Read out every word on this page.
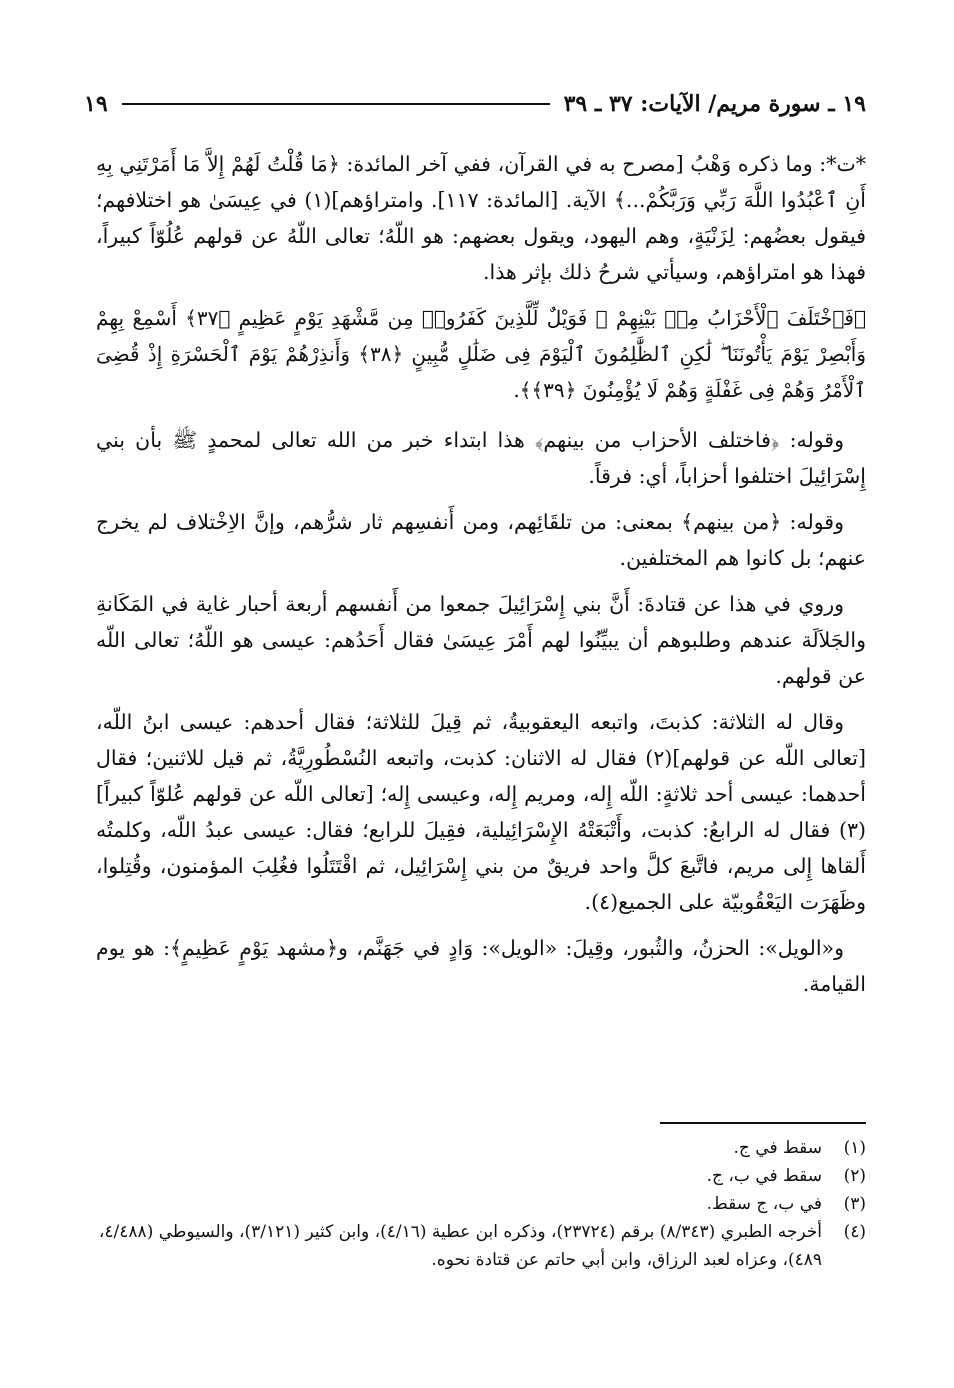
١٩ ـ سورة مريم/ الآيات: ٣٧ ـ ٣٩
١٩

*ت*: وما ذكره وَهْبُ [مصرح به في القرآن، ففي آخر المائدة: ﴿مَا قُلْتُ لَهُمْ إِلاَّ مَا أَمَرْتَنِي بِهِ أَنِ ٱعْبُدُوا اللَّهَ رَبِّي وَرَبَّكُمْ...﴾ الآية. [المائدة: ١١٧]. وامتراؤهم](١) في عِيسَىٰ هو اختلافهم؛ فيقول بعضُهم: لِزَنْيَةٍ، وهم اليهود، ويقول بعضهم: هو اللّهُ؛ تعالى اللّهُ عن قولهم عُلُوّاً كبيراً، فهذا هو امتراؤهم، وسيأتي شرحُ ذلك بإثر هذا.

﴿فَٱخْتَلَفَ ٱلْأَحْزَابُ مِنۢ بَيْنِهِمْ ۖ فَوَيْلٌ لِّلَّذِينَ كَفَرُوا۟ مِن مَّشْهَدِ يَوْمٍ عَظِيمٍ ﴿٣٧﴾ أَسْمِعْ بِهِمْ وَأَبْصِرْ يَوْمَ يَأْتُونَنَا ۖ لَٰكِنِ ٱلظَّٰلِمُونَ ٱلْيَوْمَ فِى ضَلَٰلٍ مُّبِينٍ ﴿٣٨﴾ وَأَنذِرْهُمْ يَوْمَ ٱلْحَسْرَةِ إِذْ قُضِىَ ٱلْأَمْرُ وَهُمْ فِى غَفْلَةٍ وَهُمْ لَا يُؤْمِنُونَ ﴿٣٩﴾﴾.

وقوله: ﴿فاختلف الأحزاب من بينهم﴾ هذا ابتداء خبر من الله تعالى لمحمدٍ ﷺ بأن بني إِسْرَائِيلَ اختلفوا أحزاباً، أي: فرقاً.

وقوله: ﴿من بينهم﴾ بمعنى: من تلقَائِهم، ومن أَنفسِهم ثار شرُّهم، وإنَّ الاِخْتلاف لم يخرج عنهم؛ بل كانوا هم المختلفين.

وروي في هذا عن قتادةَ: أَنَّ بني إِسْرَائِيلَ جمعوا من أَنفسهم أربعة أحبار غاية في المَكَانةِ والجَلاَلَة عندهم وطلبوهم أن يبيِّنُوا لهم أَمْرَ عِيسَىٰ فقال أَحَدُهم: عيسى هو اللّهُ؛ تعالى اللّه عن قولهم.

وقال له الثلاثة: كذبتَ، واتبعه اليعقوبيةُ، ثم قِيلَ للثلاثة؛ فقال أحدهم: عيسى ابنُ اللّه، [تعالى اللّه عن قولهم](٢) فقال له الاثنان: كذبت، واتبعه النُسْطُورِيَّةُ، ثم قيل للاثنين؛ فقال أحدهما: عيسى أحد ثلاثةٍ: اللّه إِله، ومريم إِله، وعيسى إِله؛ [تعالى اللّه عن قولهم عُلوّاً كبيراً](٣) فقال له الرابعُ: كذبت، وأَتْبَعَتْهُ الإِسْرَائِيلية، فقِيلَ للرابع؛ فقال: عيسى عبدُ اللّه، وكلمتُه أَلقاها إِلى مريم، فاتَّبعَ كلَّ واحد فريقٌ من بني إِسْرَائِيل، ثم اقْتَتَلُوا فغُلِبَ المؤمنون، وقُتِلوا، وظَهَرَت اليَعْقُوبيّة على الجميع(٤).

و«الويل»: الحزنُ، والثُبور، وقِيلَ: «الويل»: وَادٍ في جَهَنَّم، و﴿مشهد يَوْمٍ عَظِيمٍ﴾: هو يوم القيامة.

(١)
سقط في ج.
(٢)
سقط في ب، ج.
(٣)
في ب، ج سقط.
(٤)
أخرجه الطبري (٨/٣٤٣) برقم (٢٣٧٢٤)، وذكره ابن عطية (٤/١٦)، وابن كثير (٣/١٢١)، والسيوطي (٤/٤٨٨، ٤٨٩)، وعزاه لعبد الرزاق، وابن أبي حاتم عن قتادة نحوه.
